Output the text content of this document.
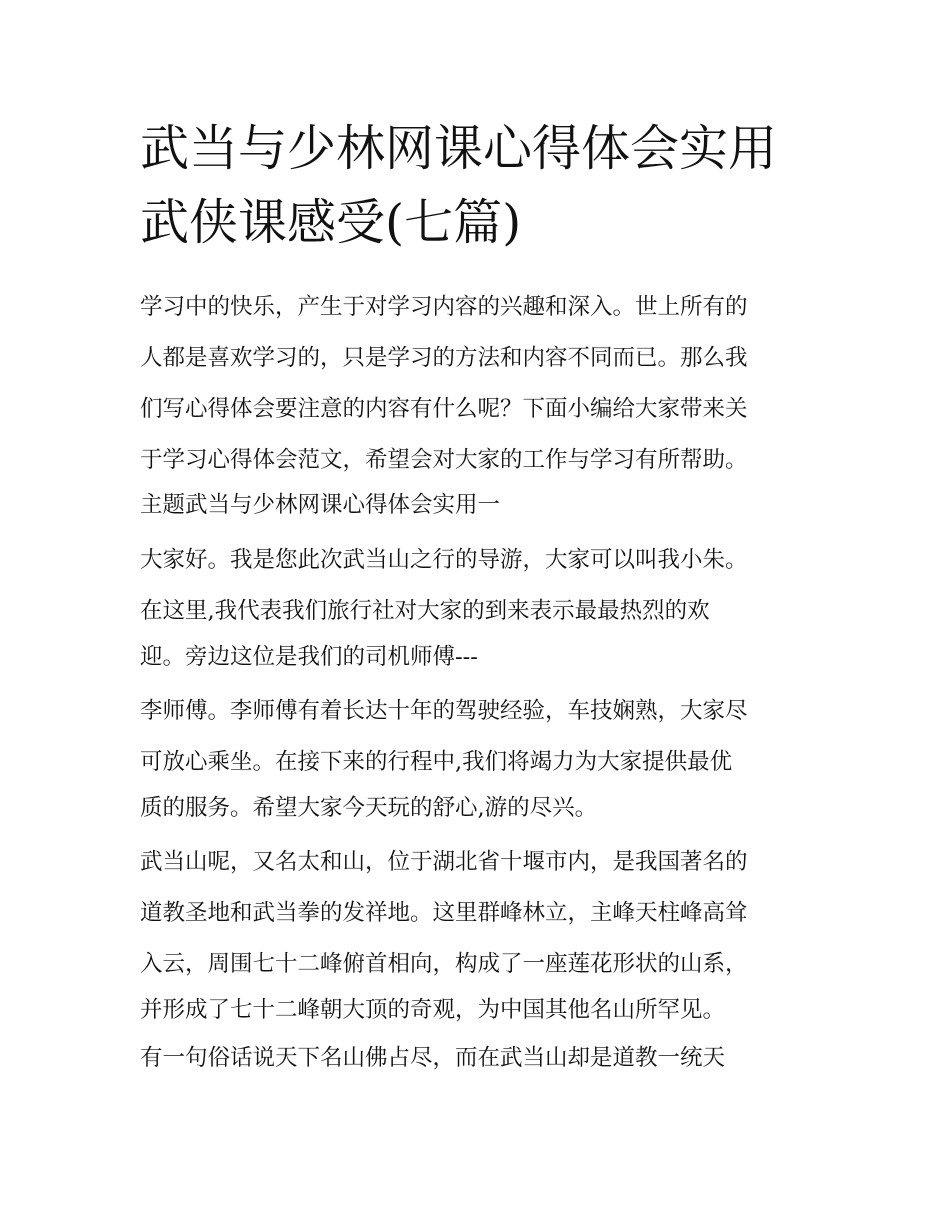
武当与少林网课心得体会实用
武侠课感受(七篇)
学习中的快乐，产生于对学习内容的兴趣和深入。世上所有的
人都是喜欢学习的，只是学习的方法和内容不同而已。那么我
们写心得体会要注意的内容有什么呢？下面小编给大家带来关
于学习心得体会范文，希望会对大家的工作与学习有所帮助。
主题武当与少林网课心得体会实用一
大家好。我是您此次武当山之行的导游，大家可以叫我小朱。
在这里,我代表我们旅行社对大家的到来表示最最热烈的欢
迎。旁边这位是我们的司机师傅---
李师傅。李师傅有着长达十年的驾驶经验，车技娴熟，大家尽
可放心乘坐。在接下来的行程中,我们将竭力为大家提供最优
质的服务。希望大家今天玩的舒心,游的尽兴。
武当山呢，又名太和山，位于湖北省十堰市内，是我国著名的
道教圣地和武当拳的发祥地。这里群峰林立，主峰天柱峰高耸
入云，周围七十二峰俯首相向，构成了一座莲花形状的山系，
并形成了七十二峰朝大顶的奇观，为中国其他名山所罕见。
有一句俗话说天下名山佛占尽，而在武当山却是道教一统天
